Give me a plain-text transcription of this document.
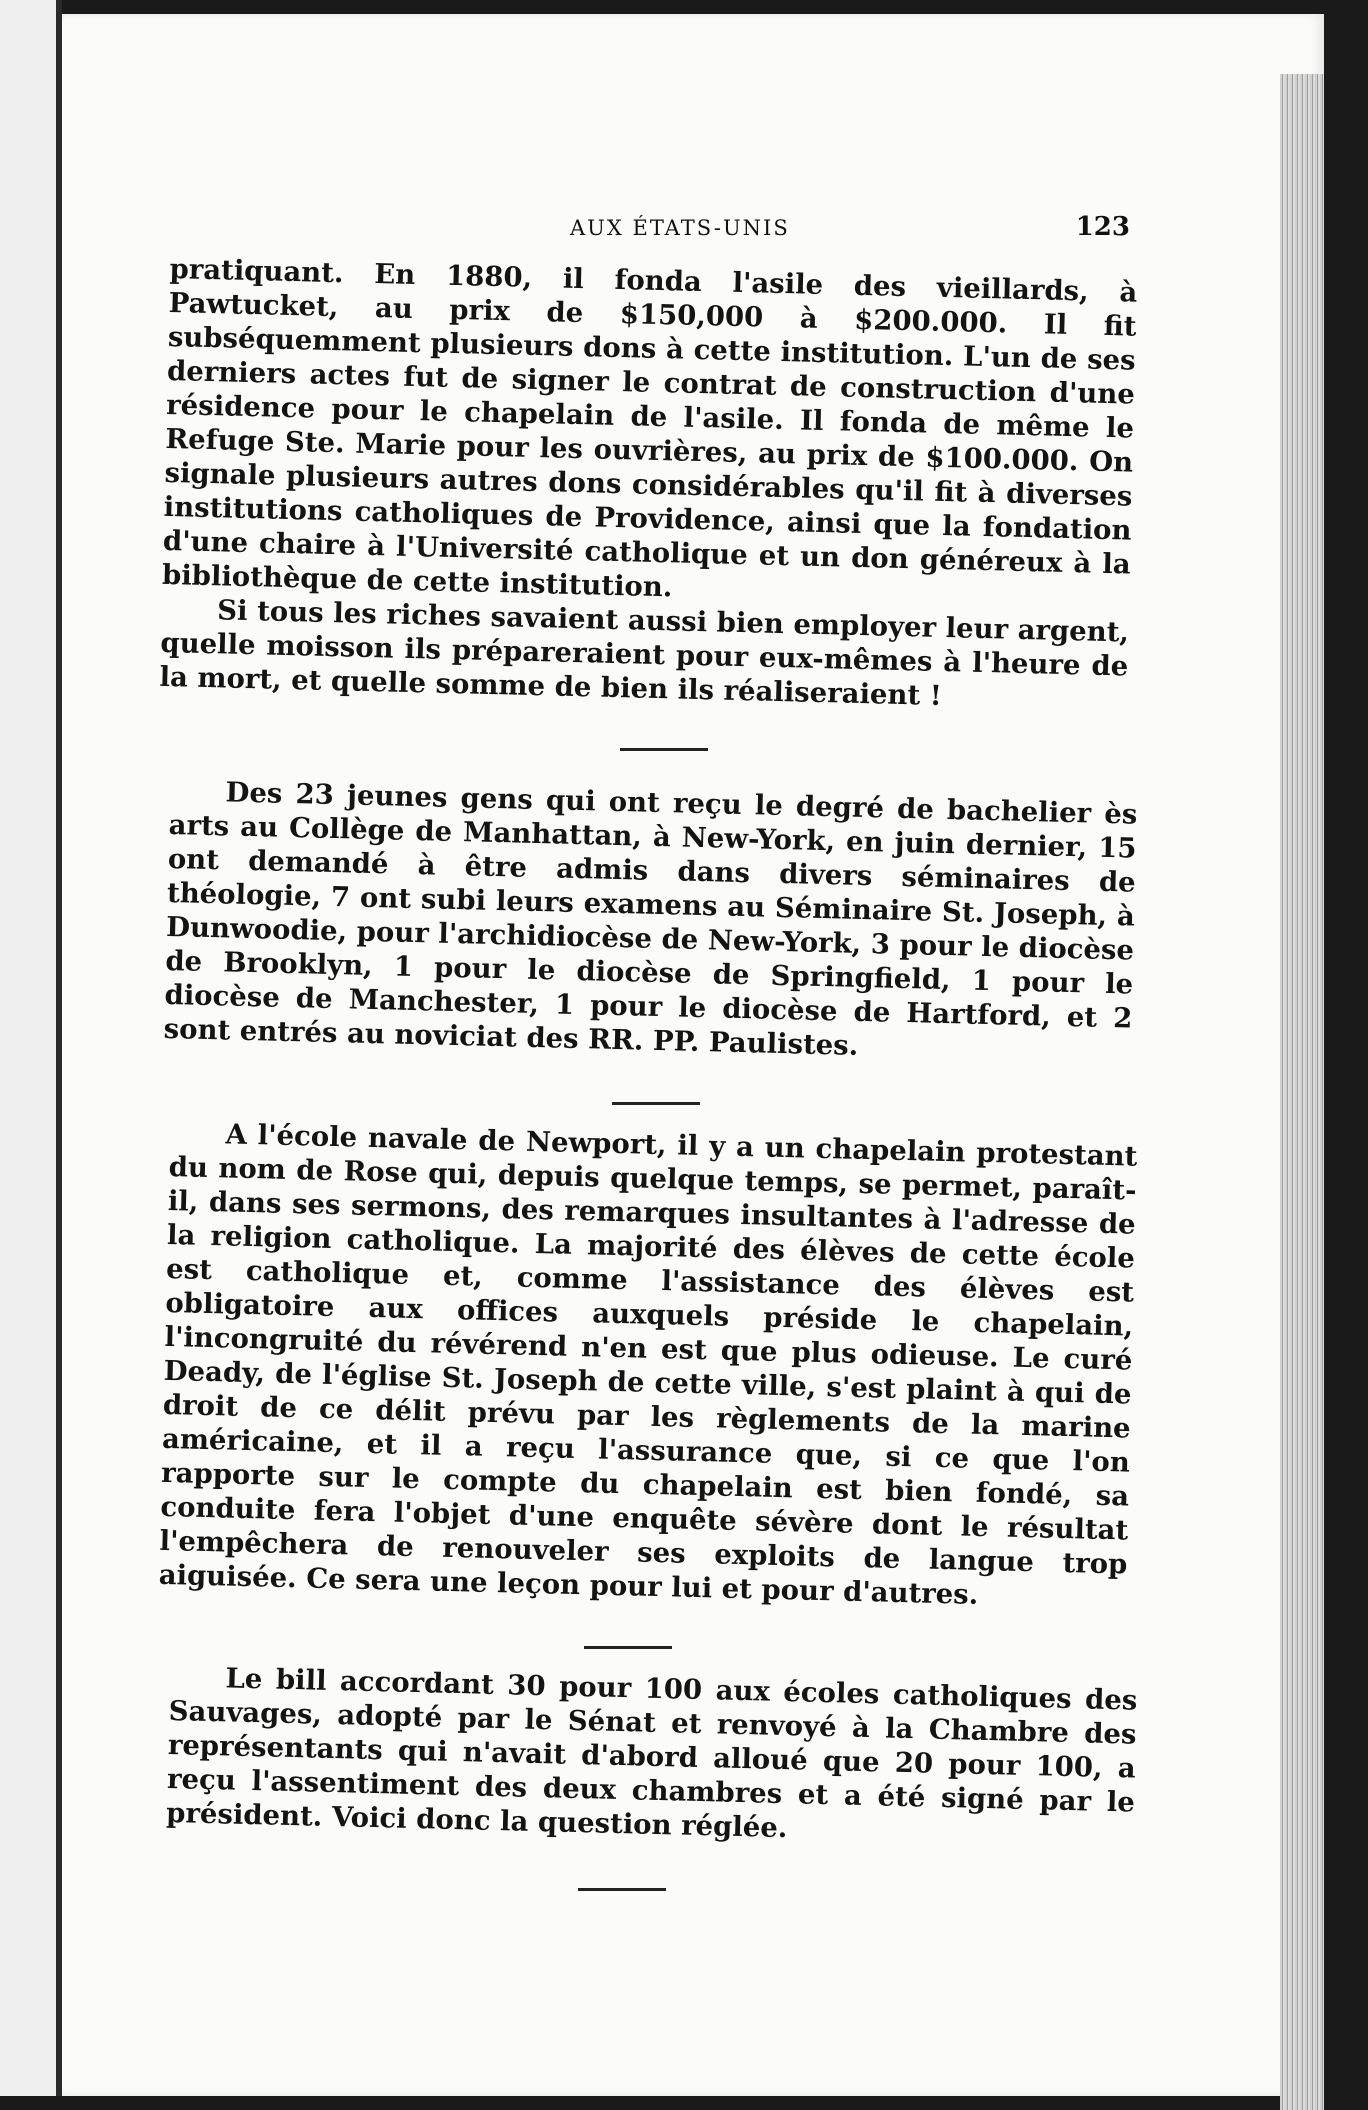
AUX ÉTATS-UNIS	123

pratiquant. En 1880, il fonda l'asile des vieillards, à Pawtucket, au prix de $150,000 à $200.000. Il fit subséquemment plusieurs dons à cette institution. L'un de ses derniers actes fut de signer le contrat de construction d'une résidence pour le chapelain de l'asile. Il fonda de même le Refuge Ste. Marie pour les ouvrières, au prix de $100.000. On signale plusieurs autres dons considérables qu'il fit à diverses institutions catholiques de Providence, ainsi que la fondation d'une chaire à l'Université catholique et un don généreux à la bibliothèque de cette institution.

Si tous les riches savaient aussi bien employer leur argent, quelle moisson ils prépareraient pour eux-mêmes à l'heure de la mort, et quelle somme de bien ils réaliseraient !

Des 23 jeunes gens qui ont reçu le degré de bachelier ès arts au Collège de Manhattan, à New-York, en juin dernier, 15 ont demandé à être admis dans divers séminaires de théologie, 7 ont subi leurs examens au Séminaire St. Joseph, à Dunwoodie, pour l'archidiocèse de New-York, 3 pour le diocèse de Brooklyn, 1 pour le diocèse de Springfield, 1 pour le diocèse de Manchester, 1 pour le diocèse de Hartford, et 2 sont entrés au noviciat des RR. PP. Paulistes.

A l'école navale de Newport, il y a un chapelain protestant du nom de Rose qui, depuis quelque temps, se permet, paraît-il, dans ses sermons, des remarques insultantes à l'adresse de la religion catholique. La majorité des élèves de cette école est catholique et, comme l'assistance des élèves est obligatoire aux offices auxquels préside le chapelain, l'incongruité du révérend n'en est que plus odieuse. Le curé Deady, de l'église St. Joseph de cette ville, s'est plaint à qui de droit de ce délit prévu par les règlements de la marine américaine, et il a reçu l'assurance que, si ce que l'on rapporte sur le compte du chapelain est bien fondé, sa conduite fera l'objet d'une enquête sévère dont le résultat l'empêchera de renouveler ses exploits de langue trop aiguisée. Ce sera une leçon pour lui et pour d'autres.

Le bill accordant 30 pour 100 aux écoles catholiques des Sauvages, adopté par le Sénat et renvoyé à la Chambre des représentants qui n'avait d'abord alloué que 20 pour 100, a reçu l'assentiment des deux chambres et a été signé par le président. Voici donc la question réglée.
